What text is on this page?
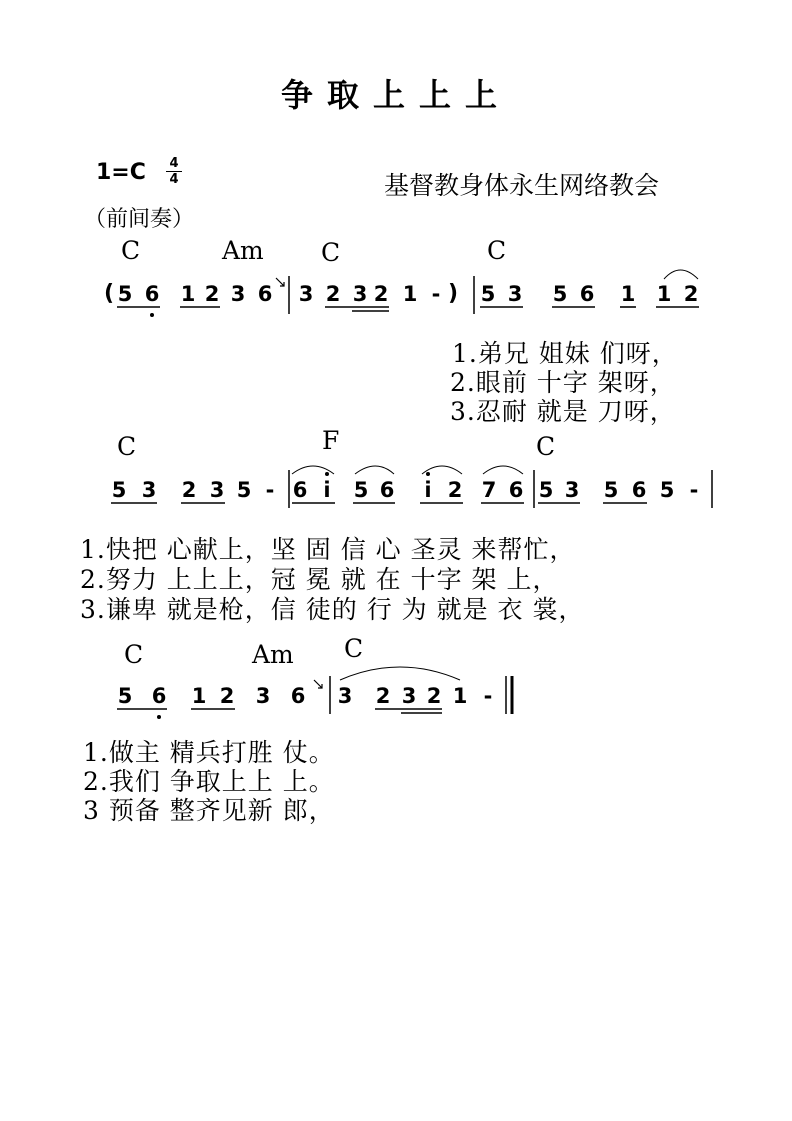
争取上上上
1=C 4
4	基督教身体永生网络教会
（前间奏）
C	Am C	C
C	F	C
C	Am C
( 5 6 1 2 3 6 3 2 3 2 1 - ) 5 3 5 6 1 1 2
5 3 2 3 5 - 6 i 5 6 i 2 7 6 5 3 5 6 5 -
5 6 1 2 3 6 3 2 3 2 1 -
1.弟兄 姐妹 们呀，
2.眼前 十字 架呀，
3.忍耐 就是 刀呀，
1.快把 心献上，坚 固 信 心 圣灵 来帮忙，
2.努力 上上上，冠 冕 就 在 十字 架 上，
3.谦卑 就是枪，信 徒的 行 为 就是 衣 裳，
1.做主 精兵打胜 仗。
2.我们 争取上上 上。
3 预备 整齐见新 郎，
